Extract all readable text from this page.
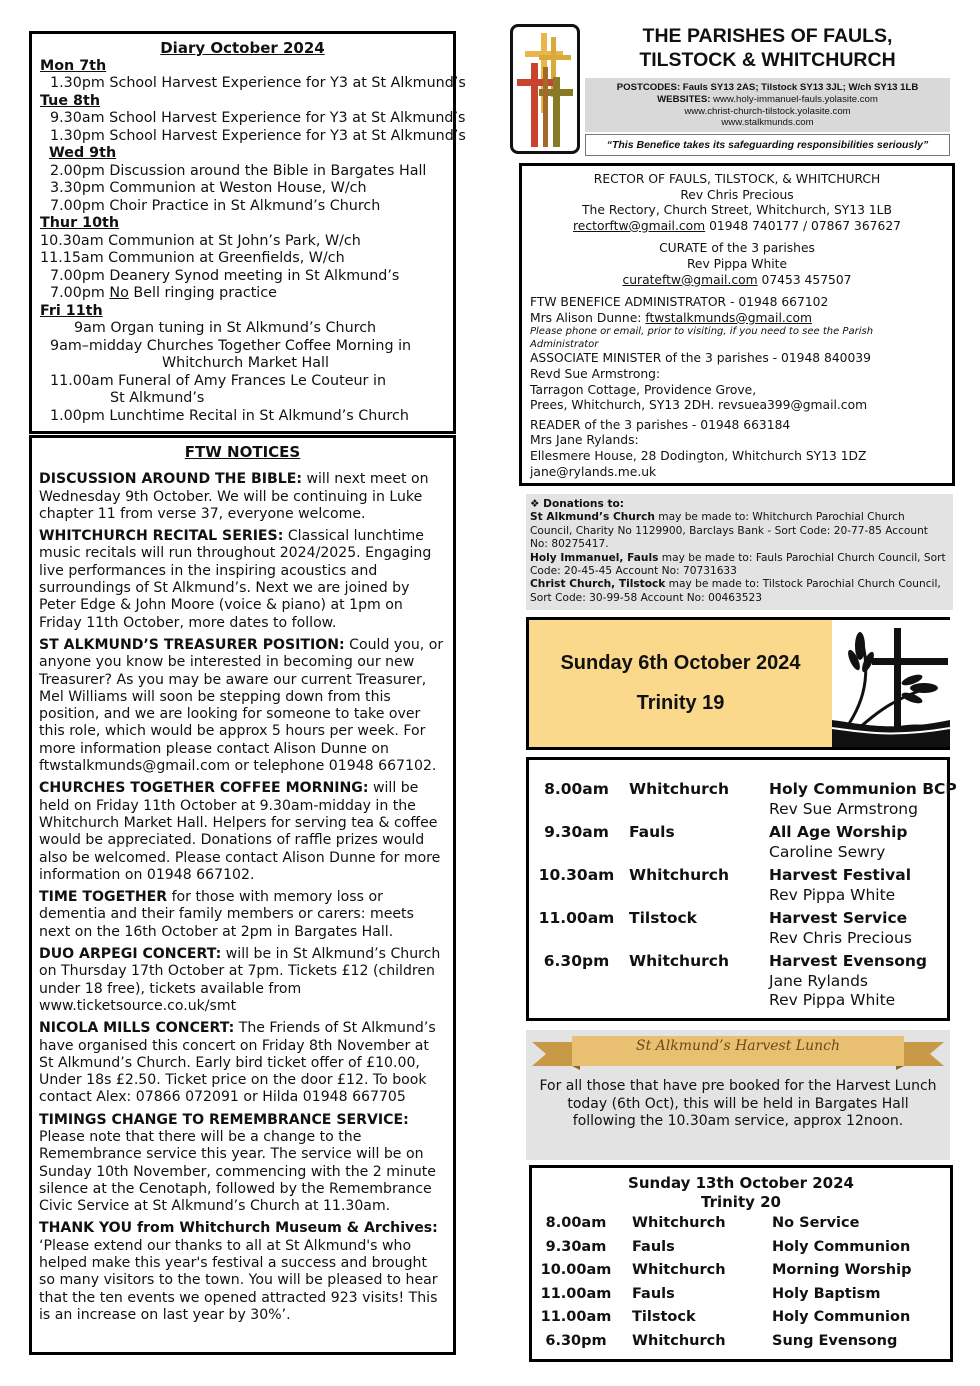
Diary October 2024
Mon 7th
1.30pm School Harvest Experience for Y3 at St Alkmund’s
Tue 8th
9.30am School Harvest Experience for Y3 at St Alkmund’s
1.30pm School Harvest Experience for Y3 at St Alkmund’s
Wed 9th
2.00pm Discussion around the Bible in Bargates Hall
3.30pm Communion at Weston House, W/ch
7.00pm Choir Practice in St Alkmund’s Church
Thur 10th
10.30am Communion at St John’s Park, W/ch
11.15am Communion at Greenfields, W/ch
7.00pm Deanery Synod meeting in St Alkmund’s
7.00pm No Bell ringing practice
Fri 11th
9am Organ tuning in St Alkmund’s Church
9am–midday Churches Together Coffee Morning in
Whitchurch Market Hall
11.00am Funeral of Amy Frances Le Couteur in
St Alkmund’s
1.00pm Lunchtime Recital in St Alkmund’s Church
FTW NOTICES

DISCUSSION AROUND THE BIBLE: will next meet on Wednesday 9th October. We will be continuing in Luke chapter 11 from verse 37, everyone welcome.

WHITCHURCH RECITAL SERIES: Classical lunchtime music recitals will run throughout 2024/2025. Engaging live performances in the inspiring acoustics and surroundings of St Alkmund’s. Next we are joined by Peter Edge & John Moore (voice & piano) at 1pm on Friday 11th October, more dates to follow.

ST ALKMUND’S TREASURER POSITION: Could you, or anyone you know be interested in becoming our new Treasurer? As you may be aware our current Treasurer, Mel Williams will soon be stepping down from this position, and we are looking for someone to take over this role, which would be approx 5 hours per week. For more information please contact Alison Dunne on ftwstalkmunds@gmail.com or telephone 01948 667102.

CHURCHES TOGETHER COFFEE MORNING: will be held on Friday 11th October at 9.30am-midday in the Whitchurch Market Hall. Helpers for serving tea & coffee would be appreciated. Donations of raffle prizes would also be welcomed. Please contact Alison Dunne for more information on 01948 667102.

TIME TOGETHER for those with memory loss or dementia and their family members or carers: meets next on the 16th October at 2pm in Bargates Hall.

DUO ARPEGI CONCERT: will be in St Alkmund’s Church on Thursday 17th October at 7pm. Tickets £12 (children under 18 free), tickets available from www.ticketsource.co.uk/smt

NICOLA MILLS CONCERT: The Friends of St Alkmund’s have organised this concert on Friday 8th November at St Alkmund’s Church. Early bird ticket offer of £10.00, Under 18s £2.50. Ticket price on the door £12. To book contact Alex: 07866 072091 or Hilda 01948 667705

TIMINGS CHANGE TO REMEMBRANCE SERVICE: Please note that there will be a change to the Remembrance service this year. The service will be on Sunday 10th November, commencing with the 2 minute silence at the Cenotaph, followed by the Remembrance Civic Service at St Alkmund’s Church at 11.30am.

THANK YOU from Whitchurch Museum & Archives: ‘Please extend our thanks to all at St Alkmund's who helped make this year's festival a success and brought so many visitors to the town. You will be pleased to hear that the ten events we opened attracted 923 visits! This is an increase on last year by 30%’.

THE PARISHES OF FAULS,
TILSTOCK & WHITCHURCH
POSTCODES: Fauls SY13 2AS; Tilstock SY13 3JL; W/ch SY13 1LB
WEBSITES: www.holy-immanuel-fauls.yolasite.com
www.christ-church-tilstock.yolasite.com
www.stalkmunds.com
“This Benefice takes its safeguarding responsibilities seriously”
RECTOR OF FAULS, TILSTOCK, & WHITCHURCH
Rev Chris Precious
The Rectory, Church Street, Whitchurch, SY13 1LB
rectorftw@gmail.com 01948 740177 / 07867 367627
CURATE of the 3 parishes
Rev Pippa White
curateftw@gmail.com 07453 457507
FTW BENEFICE ADMINISTRATOR - 01948 667102
Mrs Alison Dunne: ftwstalkmunds@gmail.com
Please phone or email, prior to visiting, if you need to see the Parish Administrator
ASSOCIATE MINISTER of the 3 parishes - 01948 840039
Revd Sue Armstrong:
Tarragon Cottage, Providence Grove,
Prees, Whitchurch, SY13 2DH. revsuea399@gmail.com
READER of the 3 parishes - 01948 663184
Mrs Jane Rylands:
Ellesmere House, 28 Dodington, Whitchurch SY13 1DZ
jane@rylands.me.uk
❖ Donations to:
St Alkmund’s Church may be made to: Whitchurch Parochial Church Council, Charity No 1129900, Barclays Bank - Sort Code: 20-77-85 Account No: 80275417.
Holy Immanuel, Fauls may be made to: Fauls Parochial Church Council, Sort Code: 20-45-45 Account No: 70731633
Christ Church, Tilstock may be made to: Tilstock Parochial Church Council, Sort Code: 30-99-58 Account No: 00463523
Sunday 6th October 2024
Trinity 19
8.00am	Whitchurch	Holy Communion BCP
Rev Sue Armstrong
9.30am	Fauls	All Age Worship
Caroline Sewry
10.30am Whitchurch	Harvest Festival
Rev Pippa White
11.00am Tilstock	Harvest Service
Rev Chris Precious
6.30pm	Whitchurch	Harvest Evensong
Jane Rylands
Rev Pippa White
St Alkmund’s Harvest Lunch
For all those that have pre booked for the Harvest Lunch today (6th Oct), this will be held in Bargates Hall following the 10.30am service, approx 12noon.
Sunday 13th October 2024
Trinity 20
8.00am	Whitchurch	No Service
9.30am	Fauls	Holy Communion
10.00am	Whitchurch	Morning Worship
11.00am	Fauls	Holy Baptism
11.00am	Tilstock	Holy Communion
6.30pm	Whitchurch	Sung Evensong
